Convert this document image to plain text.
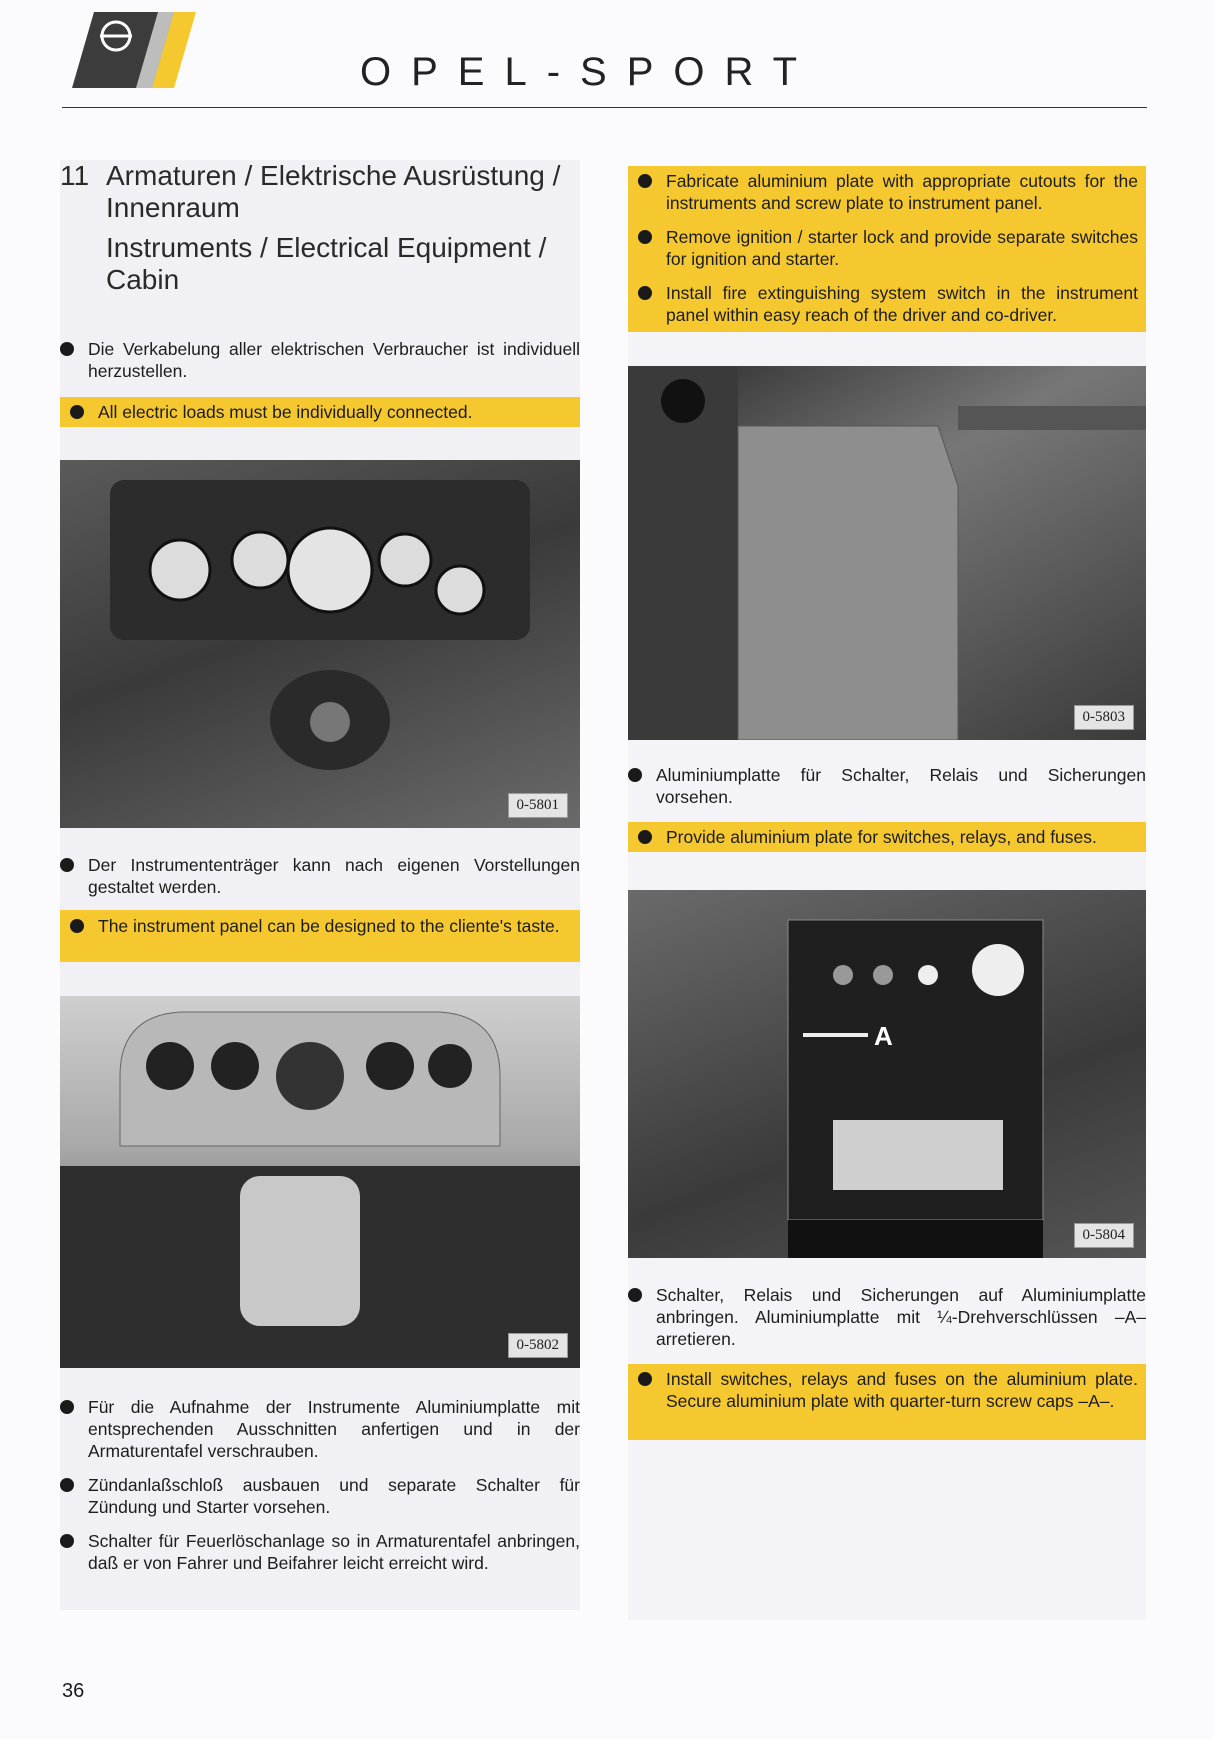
OPEL-SPORT
11 Armaturen / Elektrische Ausrüstung / Innenraum
Instruments / Electrical Equipment / Cabin
Die Verkabelung aller elektrischen Verbraucher ist individuell herzustellen.
All electric loads must be individually connected.
0-5801
Der Instrumententräger kann nach eigenen Vorstellungen gestaltet werden.
The instrument panel can be designed to the cliente's taste.
0-5802
Für die Aufnahme der Instrumente Aluminiumplatte mit entsprechenden Ausschnitten anfertigen und in der Armaturentafel verschrauben.
Zündanlaßschloß ausbauen und separate Schalter für Zündung und Starter vorsehen.
Schalter für Feuerlöschanlage so in Armaturentafel anbringen, daß er von Fahrer und Beifahrer leicht erreicht wird.
Fabricate aluminium plate with appropriate cutouts for the instruments and screw plate to instrument panel.
Remove ignition / starter lock and provide separate switches for ignition and starter.
Install fire extinguishing system switch in the instrument panel within easy reach of the driver and co-driver.
0-5803
Aluminiumplatte für Schalter, Relais und Sicherungen vorsehen.
Provide aluminium plate for switches, relays, and fuses.
A
0-5804
Schalter, Relais und Sicherungen auf Aluminiumplatte anbringen. Aluminiumplatte mit ¼-Drehverschlüssen –A– arretieren.
Install switches, relays and fuses on the aluminium plate. Secure aluminium plate with quarter-turn screw caps –A–.
36
